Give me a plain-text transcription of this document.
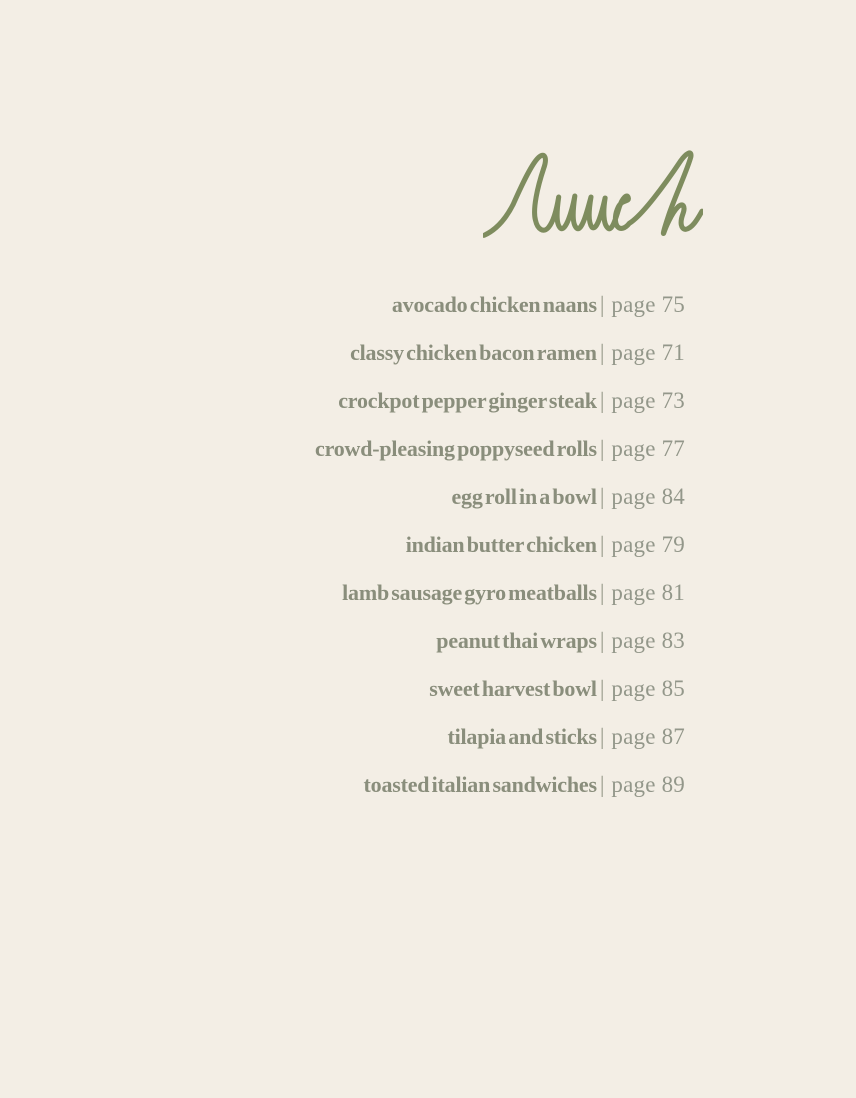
avocado chicken naans | page 75
classy chicken bacon ramen | page 71
crockpot pepper ginger steak | page 73
crowd-pleasing poppyseed rolls | page 77
egg roll in a bowl | page 84
indian butter chicken | page 79
lamb sausage gyro meatballs | page 81
peanut thai wraps | page 83
sweet harvest bowl | page 85
tilapia and sticks | page 87
toasted italian sandwiches | page 89
